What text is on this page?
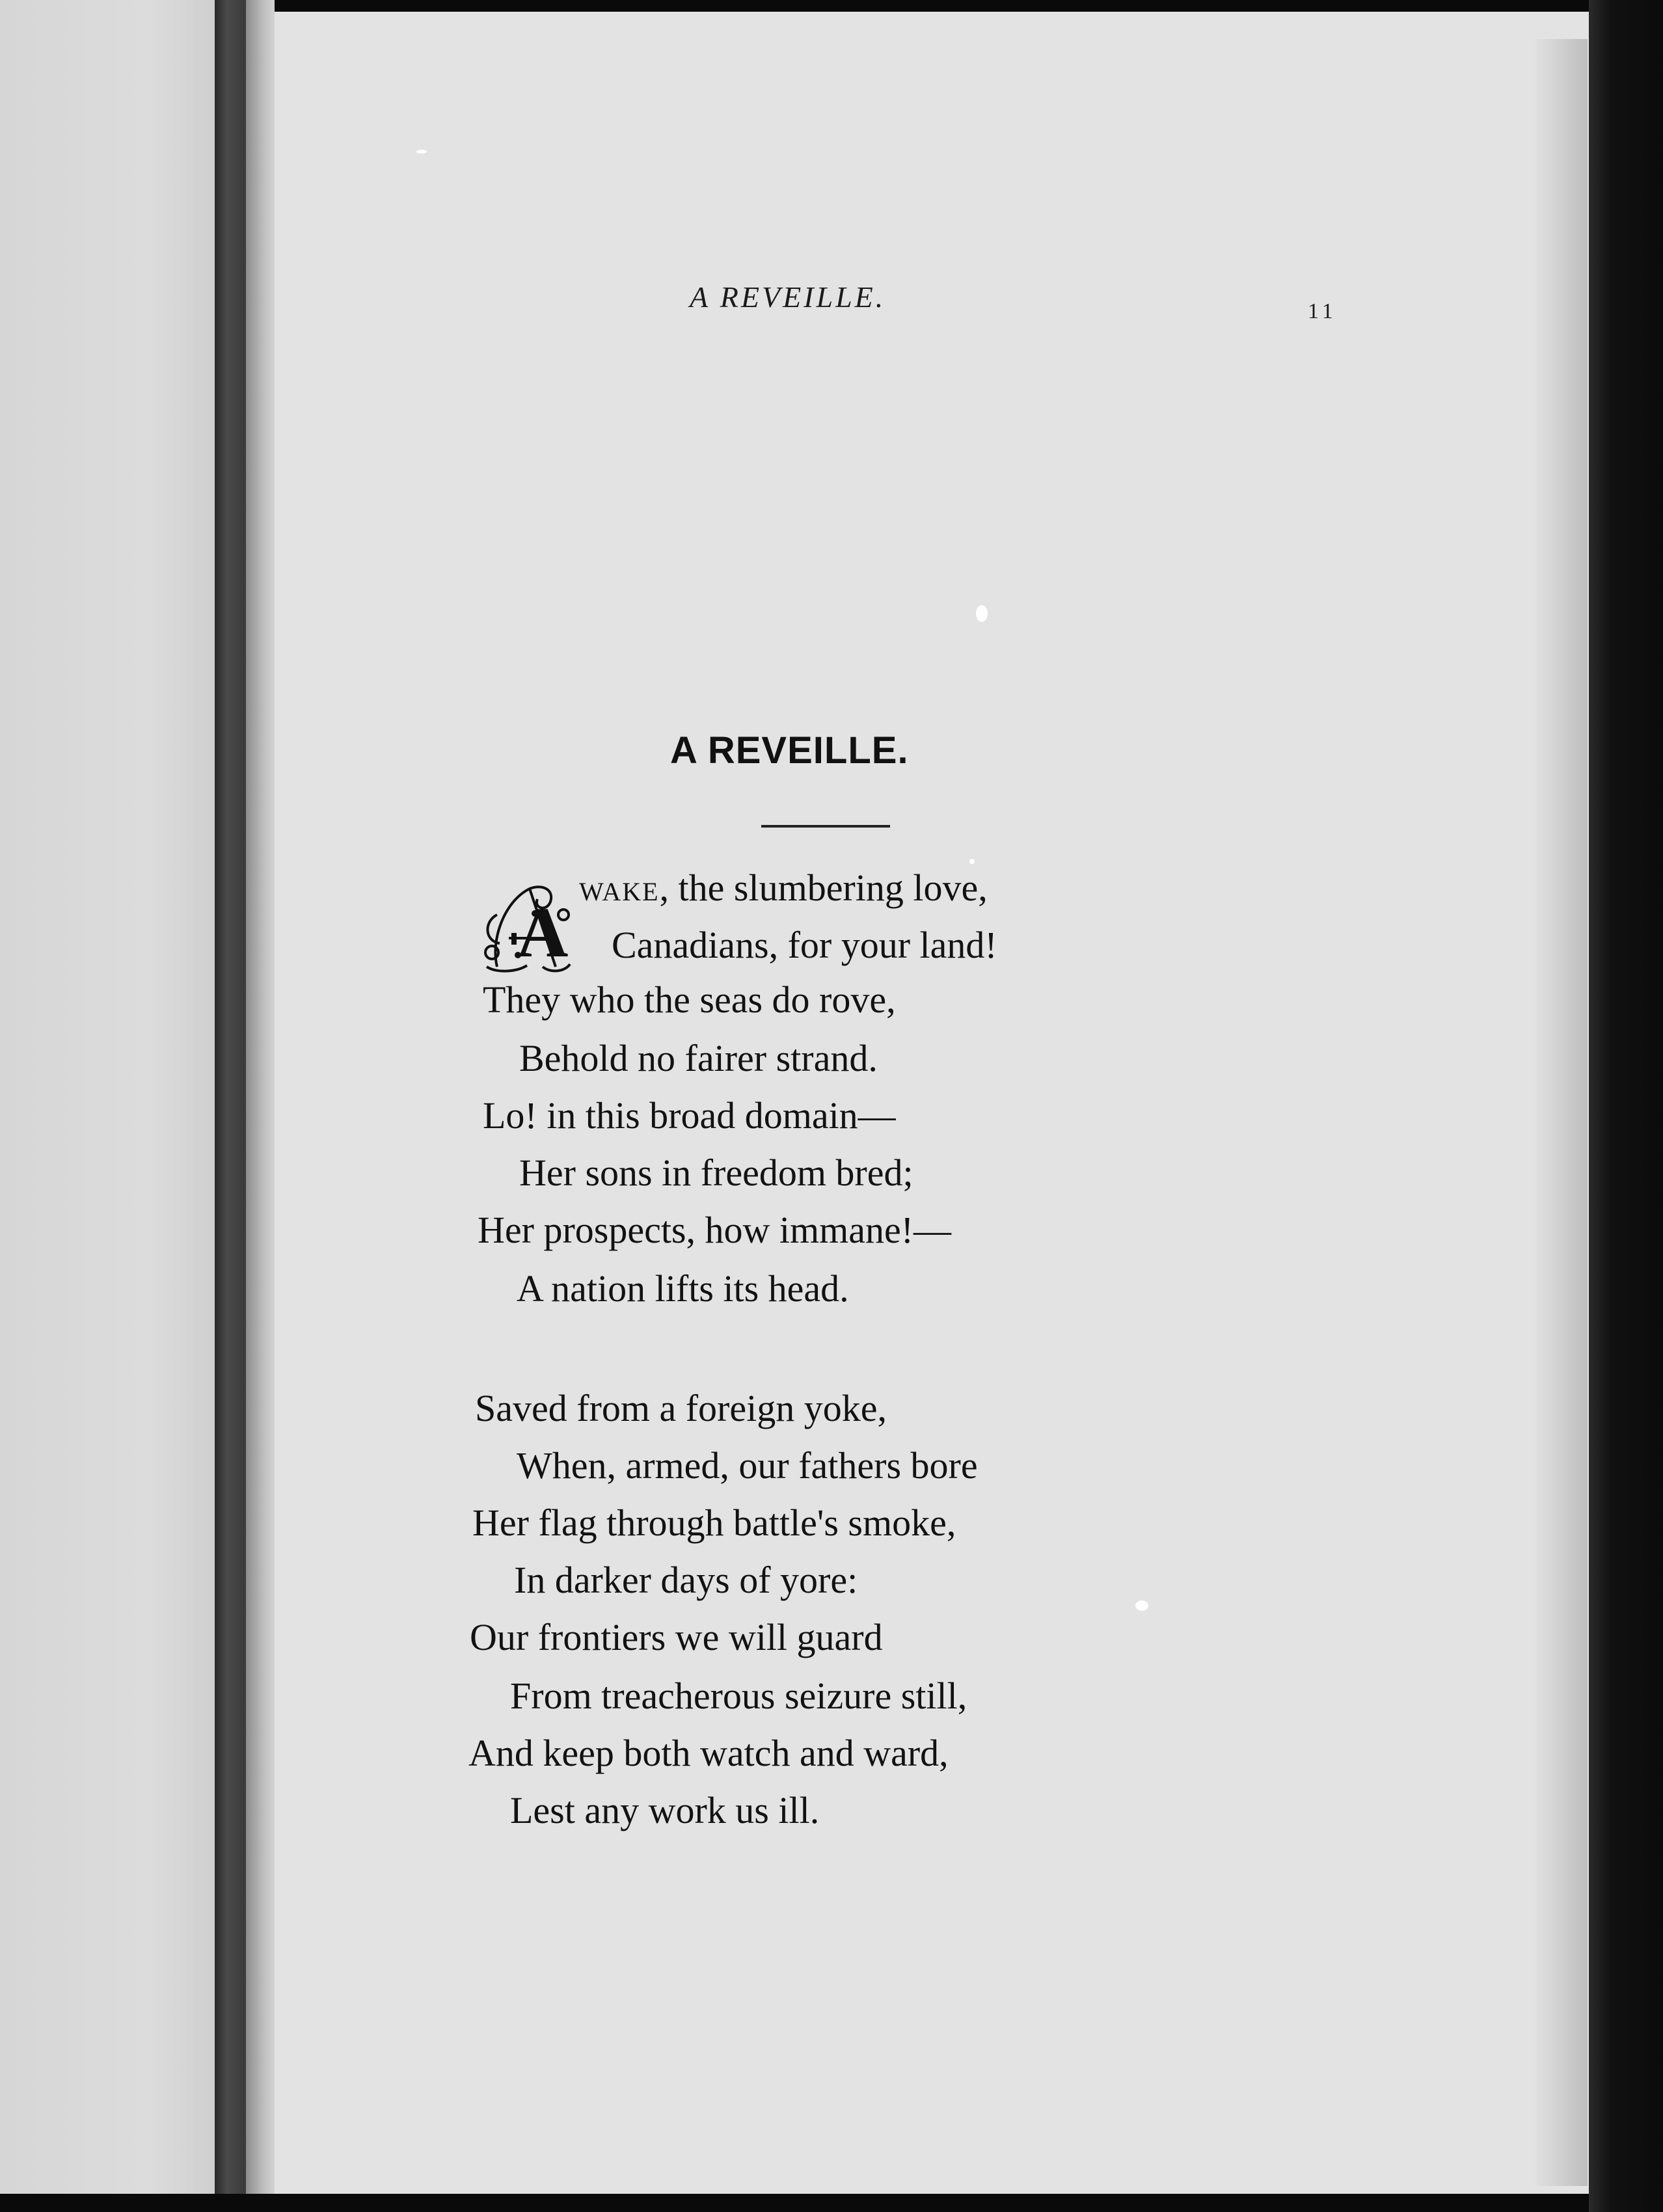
A REVEILLE.	11
A REVEILLE.
A
WAKE, the slumbering love,
Canadians, for your land!
They who the seas do rove,
Behold no fairer strand.
Lo! in this broad domain—
Her sons in freedom bred;
Her prospects, how immane!—
A nation lifts its head.
Saved from a foreign yoke,
When, armed, our fathers bore
Her flag through battle's smoke,
In darker days of yore:
Our frontiers we will guard
From treacherous seizure still,
And keep both watch and ward,
Lest any work us ill.
